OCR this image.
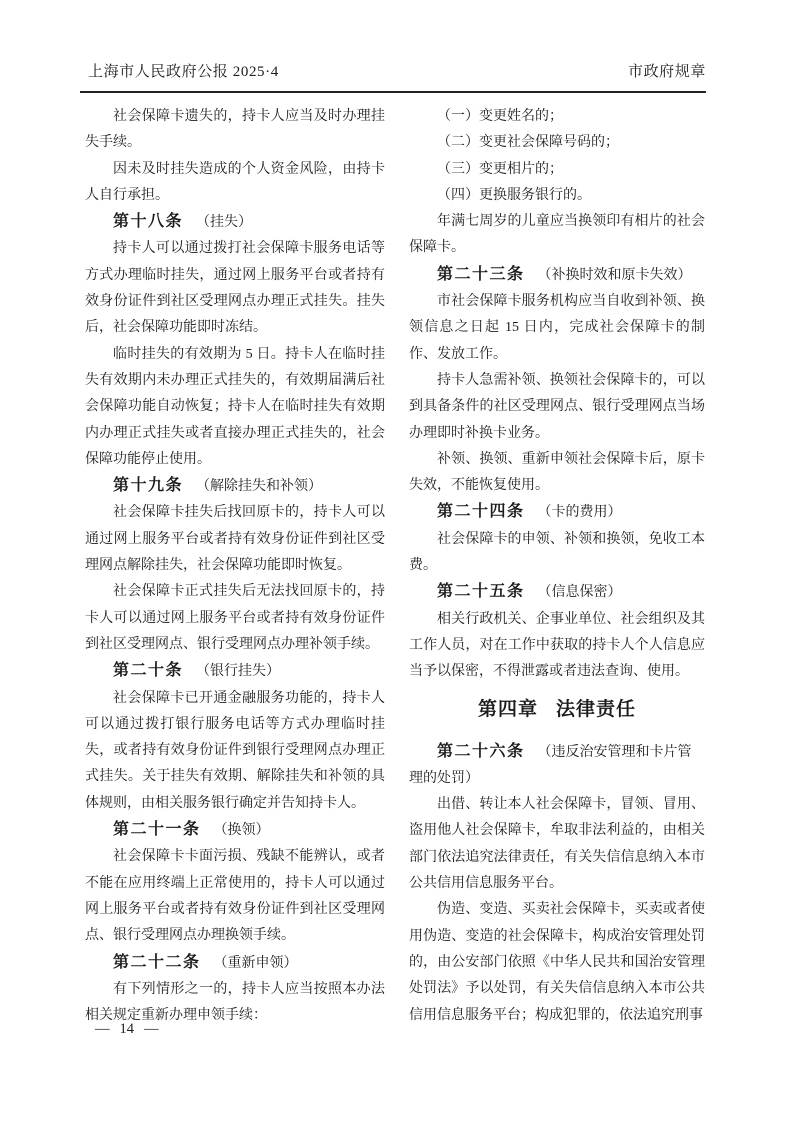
上海市人民政府公报 2025·4	市政府规章

社会保障卡遗失的，持卡人应当及时办理挂失手续。

因未及时挂失造成的个人资金风险，由持卡人自行承担。

第十八条 （挂失）

持卡人可以通过拨打社会保障卡服务电话等方式办理临时挂失，通过网上服务平台或者持有效身份证件到社区受理网点办理正式挂失。挂失后，社会保障功能即时冻结。

临时挂失的有效期为 5 日。持卡人在临时挂失有效期内未办理正式挂失的，有效期届满后社会保障功能自动恢复；持卡人在临时挂失有效期内办理正式挂失或者直接办理正式挂失的，社会保障功能停止使用。

第十九条 （解除挂失和补领）

社会保障卡挂失后找回原卡的，持卡人可以通过网上服务平台或者持有效身份证件到社区受理网点解除挂失，社会保障功能即时恢复。

社会保障卡正式挂失后无法找回原卡的，持卡人可以通过网上服务平台或者持有效身份证件到社区受理网点、银行受理网点办理补领手续。

第二十条 （银行挂失）

社会保障卡已开通金融服务功能的，持卡人可以通过拨打银行服务电话等方式办理临时挂失，或者持有效身份证件到银行受理网点办理正式挂失。关于挂失有效期、解除挂失和补领的具体规则，由相关服务银行确定并告知持卡人。

第二十一条 （换领）

社会保障卡卡面污损、残缺不能辨认，或者不能在应用终端上正常使用的，持卡人可以通过网上服务平台或者持有效身份证件到社区受理网点、银行受理网点办理换领手续。

第二十二条 （重新申领）

有下列情形之一的，持卡人应当按照本办法相关规定重新办理申领手续：

（一）变更姓名的；

（二）变更社会保障号码的；

（三）变更相片的；

（四）更换服务银行的。

年满七周岁的儿童应当换领印有相片的社会保障卡。

第二十三条 （补换时效和原卡失效）

市社会保障卡服务机构应当自收到补领、换领信息之日起 15 日内，完成社会保障卡的制作、发放工作。

持卡人急需补领、换领社会保障卡的，可以到具备条件的社区受理网点、银行受理网点当场办理即时补换卡业务。

补领、换领、重新申领社会保障卡后，原卡失效，不能恢复使用。

第二十四条 （卡的费用）

社会保障卡的申领、补领和换领，免收工本费。

第二十五条 （信息保密）

相关行政机关、企事业单位、社会组织及其工作人员，对在工作中获取的持卡人个人信息应当予以保密，不得泄露或者违法查询、使用。

第四章 法律责任

第二十六条 （违反治安管理和卡片管理的处罚）

出借、转让本人社会保障卡，冒领、冒用、盗用他人社会保障卡，牟取非法利益的，由相关部门依法追究法律责任，有关失信信息纳入本市公共信用信息服务平台。

伪造、变造、买卖社会保障卡，买卖或者使用伪造、变造的社会保障卡，构成治安管理处罚的，由公安部门依照《中华人民共和国治安管理处罚法》予以处罚，有关失信信息纳入本市公共信用信息服务平台；构成犯罪的，依法追究刑事

— 14 —
